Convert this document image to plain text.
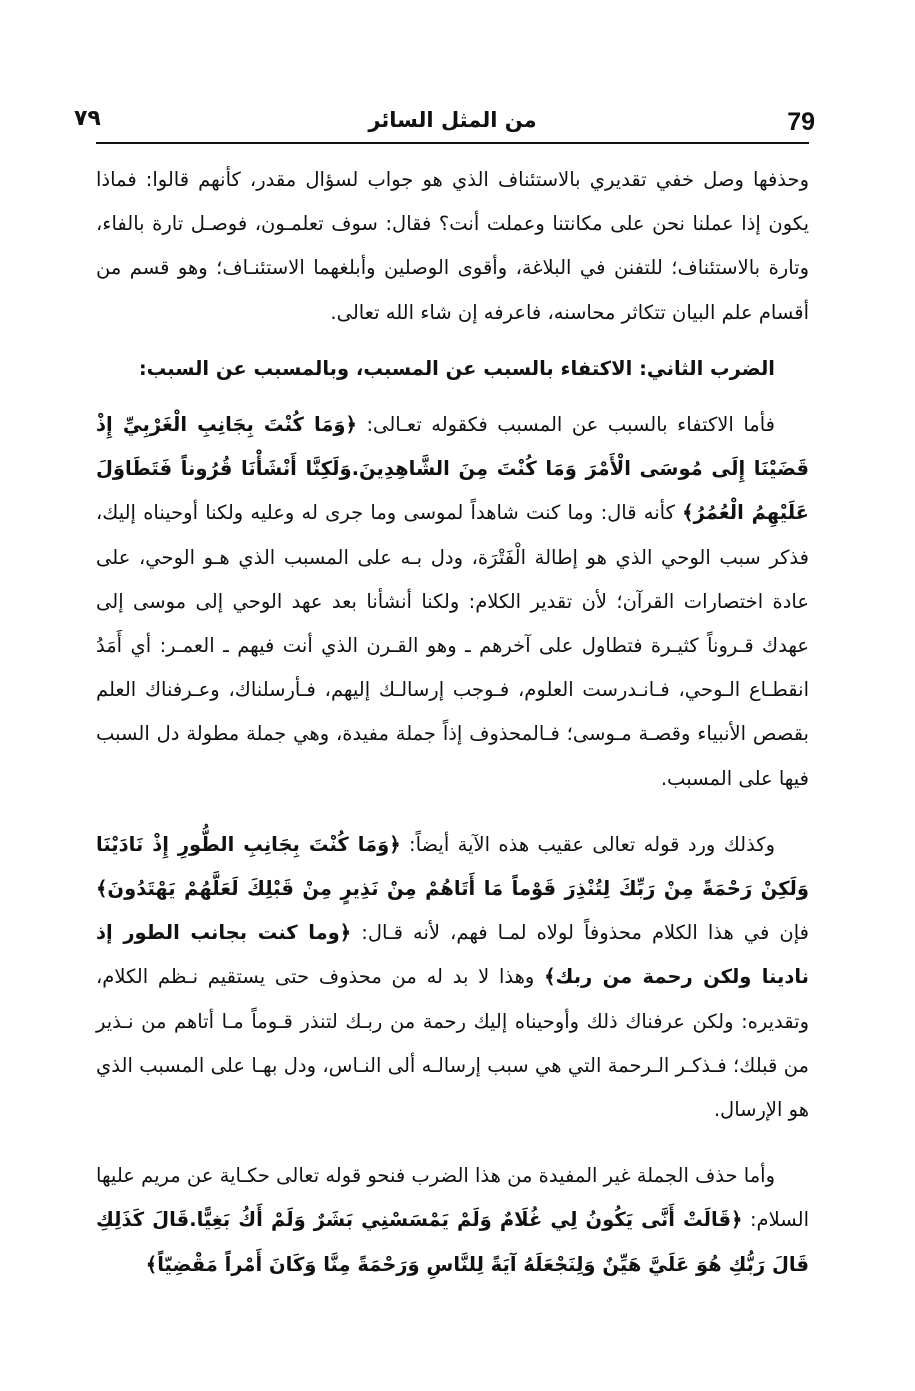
79
من المثل السائر
٧٩

وحذفها وصل خفي تقديري بالاستئناف الذي هو جواب لسؤال مقدر، كأنهم قالوا: فماذا يكون إذا عملنا نحن على مكانتنا وعملت أنت؟ فقال: سوف تعلمـون، فوصـل تارة بالفاء، وتارة بالاستئناف؛ للتفنن في البلاغة، وأقوى الوصلين وأبلغهما الاستئنـاف؛ وهو قسم من أقسام علم البيان تتكاثر محاسنه، فاعرفه إن شاء الله تعالى.

الضرب الثاني: الاكتفاء بالسبب عن المسبب، وبالمسبب عن السبب:

فأما الاكتفاء بالسبب عن المسبب فكقوله تعـالى: ﴿وَمَا كُنْتَ بِجَانِبِ الْغَرْبِيِّ إِذْ قَضَيْنَا إِلَى مُوسَى الْأَمْرَ وَمَا كُنْتَ مِنَ الشَّاهِدِينَ.وَلَكِنَّا أَنْشَأْنَا قُرُوناً فَتَطَاوَلَ عَلَيْهِمُ الْعُمُرُ﴾ كأنه قال: وما كنت شاهداً لموسى وما جرى له وعليه ولكنا أوحيناه إليك، فذكر سبب الوحي الذي هو إطالة الْفَتْرَة، ودل بـه على المسبب الذي هـو الوحي، على عادة اختصارات القرآن؛ لأن تقدير الكلام: ولكنا أنشأنا بعد عهد الوحي إلى موسى إلى عهدك قـروناً كثيـرة فتطاول على آخرهم ـ وهو القـرن الذي أنت فيهم ـ العمـر: أي أَمَدُ انقطـاع الـوحي، فـانـدرست العلوم، فـوجب إرسالـك إليهم، فـأرسلناك، وعـرفناك العلم بقصص الأنبياء وقصـة مـوسى؛ فـالمحذوف إذاً جملة مفيدة، وهي جملة مطولة دل السبب فيها على المسبب.

وكذلك ورد قوله تعالى عقيب هذه الآية أيضاً: ﴿وَمَا كُنْتَ بِجَانِبِ الطُّورِ إِذْ نَادَيْنَا وَلَكِنْ رَحْمَةً مِنْ رَبِّكَ لِتُنْذِرَ قَوْماً مَا أَتَاهُمْ مِنْ نَذِيرٍ مِنْ قَبْلِكَ لَعَلَّهُمْ يَهْتَدُونَ﴾ فإن في هذا الكلام محذوفاً لولاه لمـا فهم، لأنه قـال: ﴿وما كنت بجانب الطور إذ نادينا ولكن رحمة من ربك﴾ وهذا لا بد له من محذوف حتى يستقيم نـظم الكلام، وتقديره: ولكن عرفناك ذلك وأوحيناه إليك رحمة من ربـك لتنذر قـوماً مـا أتاهم من نـذير من قبلك؛ فـذكـر الـرحمة التي هي سبب إرسالـه ألى النـاس، ودل بهـا على المسبب الذي هو الإرسال.

وأما حذف الجملة غير المفيدة من هذا الضرب فنحو قوله تعالى حكـاية عن مريم عليها السلام: ﴿قَالَتْ أَنَّى يَكُونُ لِي غُلَامٌ وَلَمْ يَمْسَسْنِي بَشَرٌ وَلَمْ أَكُ بَغِيًّا.قَالَ كَذَلِكِ قَالَ رَبُّكِ هُوَ عَلَيَّ هَيِّنٌ وَلِنَجْعَلَهُ آيَةً لِلنَّاسِ وَرَحْمَةً مِنَّا وَكَانَ أَمْراً مَقْضِيّاً﴾
